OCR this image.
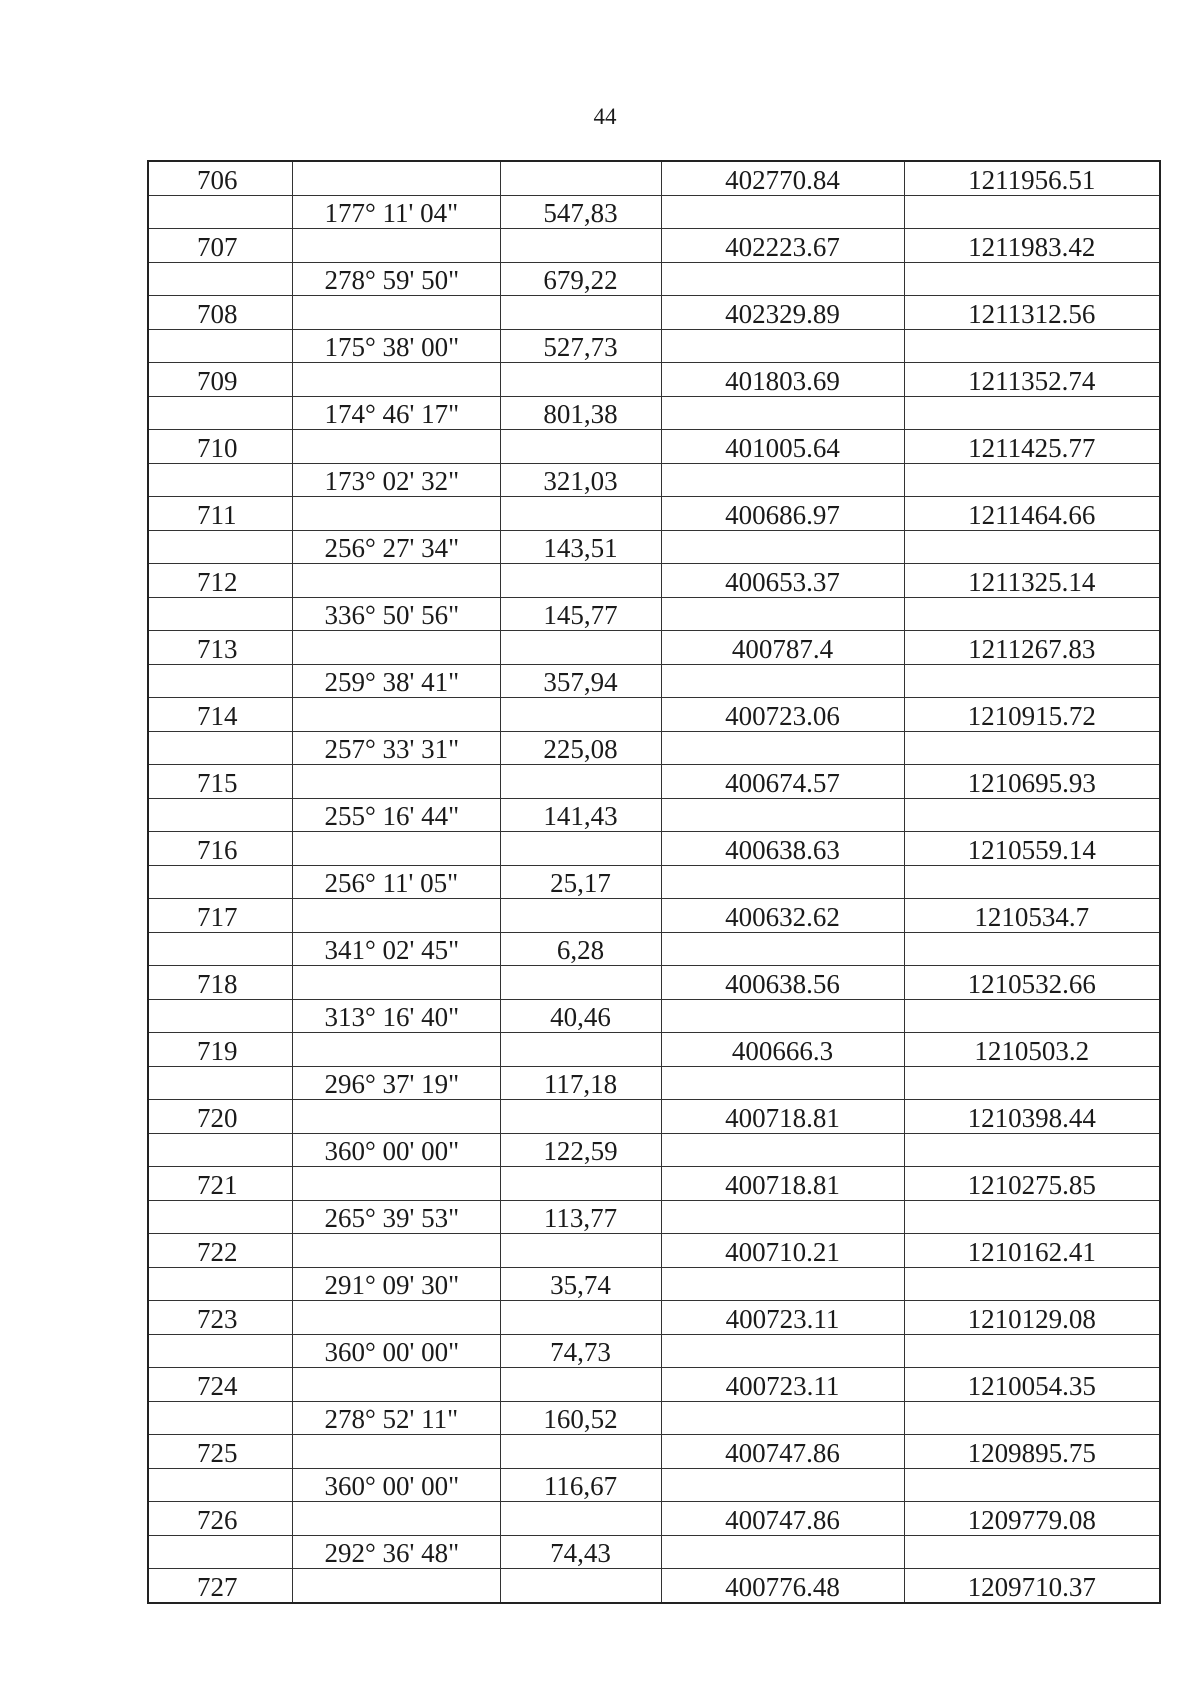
44
706			402770.84	1211956.51
	177° 11' 04"	547,83		
707			402223.67	1211983.42
	278° 59' 50"	679,22		
708			402329.89	1211312.56
	175° 38' 00"	527,73		
709			401803.69	1211352.74
	174° 46' 17"	801,38		
710			401005.64	1211425.77
	173° 02' 32"	321,03		
711			400686.97	1211464.66
	256° 27' 34"	143,51		
712			400653.37	1211325.14
	336° 50' 56"	145,77		
713			400787.4	1211267.83
	259° 38' 41"	357,94		
714			400723.06	1210915.72
	257° 33' 31"	225,08		
715			400674.57	1210695.93
	255° 16' 44"	141,43		
716			400638.63	1210559.14
	256° 11' 05"	25,17		
717			400632.62	1210534.7
	341° 02' 45"	6,28		
718			400638.56	1210532.66
	313° 16' 40"	40,46		
719			400666.3	1210503.2
	296° 37' 19"	117,18		
720			400718.81	1210398.44
	360° 00' 00"	122,59		
721			400718.81	1210275.85
	265° 39' 53"	113,77		
722			400710.21	1210162.41
	291° 09' 30"	35,74		
723			400723.11	1210129.08
	360° 00' 00"	74,73		
724			400723.11	1210054.35
	278° 52' 11"	160,52		
725			400747.86	1209895.75
	360° 00' 00"	116,67		
726			400747.86	1209779.08
	292° 36' 48"	74,43		
727			400776.48	1209710.37
